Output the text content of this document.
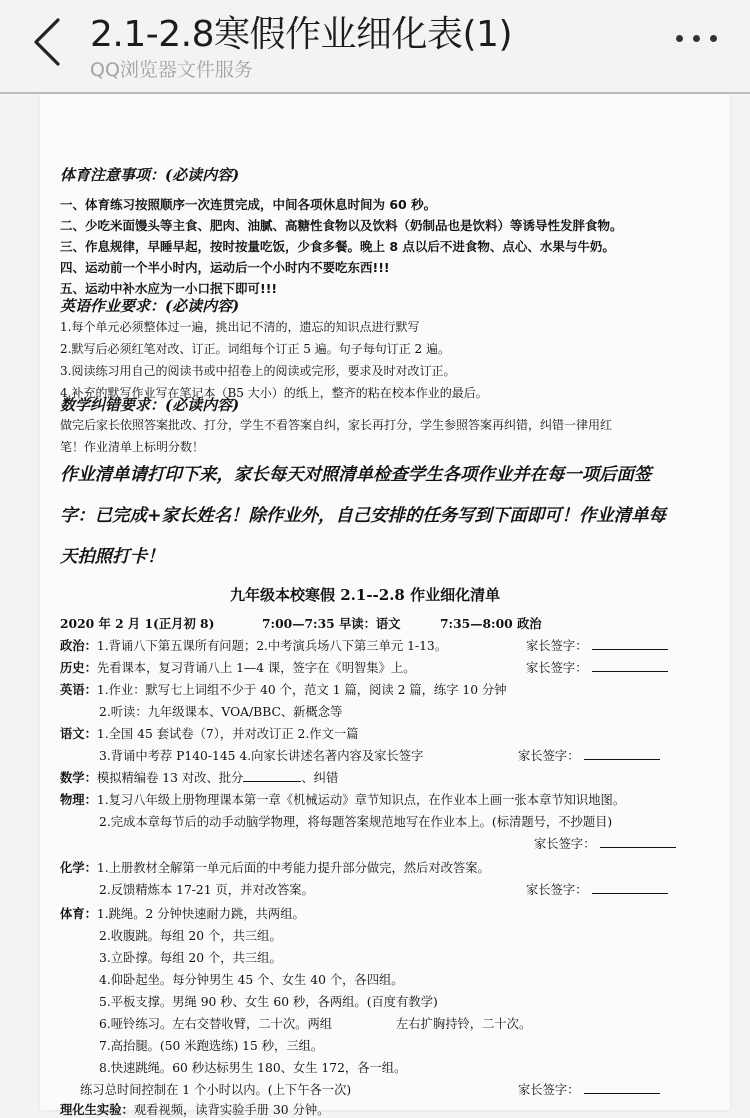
2.1-2.8寒假作业细化表(1)
QQ浏览器文件服务
体育注意事项：(必读内容)
一、体育练习按照顺序一次连贯完成，中间各项休息时间为 60 秒。
二、少吃米面馒头等主食、肥肉、油腻、高糖性食物以及饮料（奶制品也是饮料）等诱导性发胖食物。
三、作息规律，早睡早起，按时按量吃饭，少食多餐。晚上 8 点以后不进食物、点心、水果与牛奶。
四、运动前一个半小时内，运动后一个小时内不要吃东西!!!
五、运动中补水应为一小口抿下即可!!!
英语作业要求：(必读内容)
1.每个单元必须整体过一遍，挑出记不清的，遗忘的知识点进行默写
2.默写后必须红笔对改、订正。词组每个订正 5 遍。句子每句订正 2 遍。
3.阅读练习用自己的阅读书或中招卷上的阅读或完形，要求及时对改订正。
4.补充的默写作业写在笔记本（B5 大小）的纸上，整齐的粘在校本作业的最后。
数学纠错要求：(必读内容)
做完后家长依照答案批改、打分，学生不看答案自纠，家长再打分，学生参照答案再纠错，纠错一律用红
笔！作业清单上标明分数！
作业清单请打印下来，家长每天对照清单检查学生各项作业并在每一项后面签
字：已完成+家长姓名！除作业外，自己安排的任务写到下面即可！作业清单每
天拍照打卡！
九年级本校寒假 2.1--2.8 作业细化清单
2020 年 2 月 1(正月初 8)	7:00—7:35 早读：语文	7:35—8:00 政治
政治：1.背诵八下第五课所有问题；2.中考演兵场八下第三单元 1-13。	家长签字：
历史：先看课本，复习背诵八上 1—4 课，签字在《明智集》上。	家长签字：
英语：1.作业：默写七上词组不少于 40 个，范文 1 篇，阅读 2 篇，练字 10 分钟
2.听读：九年级课本、VOA/BBC、新概念等
语文：1.全国 45 套试卷（7），并对改订正 2.作文一篇
3.背诵中考荐 P140-145 4.向家长讲述名著内容及家长签字	家长签字：
数学：模拟精编卷 13 对改、批分	、纠错
物理：1.复习八年级上册物理课本第一章《机械运动》章节知识点，在作业本上画一张本章节知识地图。
2.完成本章每节后的动手动脑学物理，将每题答案规范地写在作业本上。(标清题号，不抄题目)
家长签字：
化学：1.上册教材全解第一单元后面的中考能力提升部分做完，然后对改答案。
2.反馈精炼本 17-21 页，并对改答案。	家长签字：
体育：1.跳绳。2 分钟快速耐力跳，共两组。
2.收腹跳。每组 20 个，共三组。
3.立卧撑。每组 20 个，共三组。
4.仰卧起坐。每分钟男生 45 个、女生 40 个，各四组。
5.平板支撑。男绳 90 秒、女生 60 秒，各两组。(百度有教学)
6.哑铃练习。左右交替收臂，二十次。两组	左右扩胸持铃，二十次。
7.高抬腿。(50 米跑选练) 15 秒，三组。
8.快速跳绳。60 秒达标男生 180、女生 172，各一组。
练习总时间控制在 1 个小时以内。(上下午各一次)	家长签字：
理化生实验：观看视频，读背实验手册 30 分钟。
